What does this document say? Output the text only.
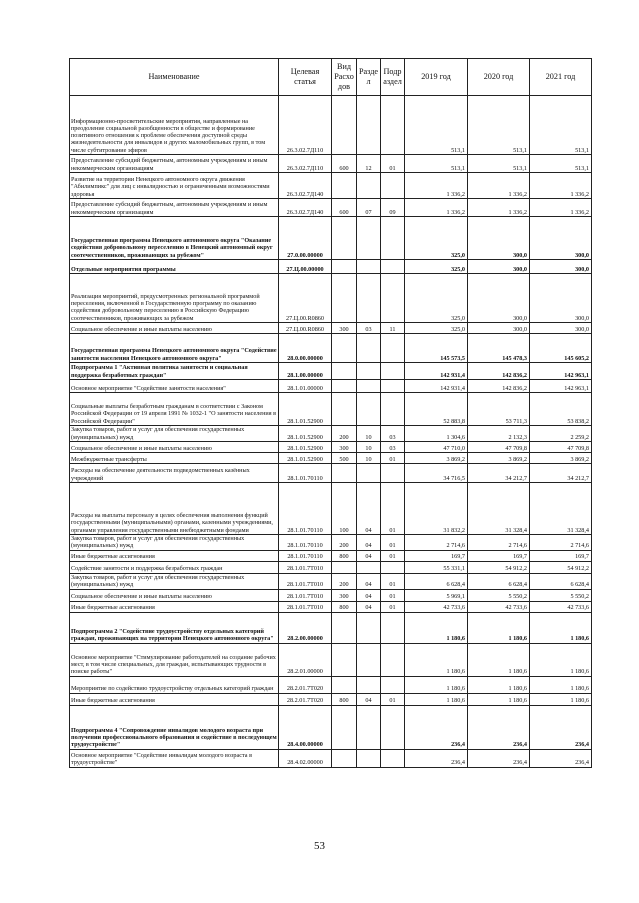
Наименование	Целевая статья	Вид Расхо дов	Разде л	Подр аздел	2019 год	2020 год	2021 год
Информационно-просветительские мероприятия, направленные на преодоление социальной разобщенности в обществе и формирование позитивного отношения к проблеме обеспечения доступной среды жизнедеятельности для инвалидов и других маломобильных групп, в том числе субтитрование эфиров	26.3.02.7Д110				513,1	513,1	513,1
Предоставление субсидий бюджетным, автономным учреждениям и иным некоммерческим организациям	26.3.02.7Д110	600	12	01	513,1	513,1	513,1
Развитие на территории Ненецкого автономного округа движения "Абилимпикс" для лиц с инвалидностью и ограниченными возможностями здоровья	26.3.02.7Д140				1 336,2	1 336,2	1 336,2
Предоставление субсидий бюджетным, автономным учреждениям и иным некоммерческим организациям	26.3.02.7Д140	600	07	09	1 336,2	1 336,2	1 336,2
Государственная программа Ненецкого автономного округа "Оказание содействия добровольному переселению в Ненецкий автономный округ соотечественников, проживающих за рубежом"	27.0.00.00000				325,0	300,0	300,0
Отдельные мероприятия программы	27.Ц.00.00000				325,0	300,0	300,0
Реализация мероприятий, предусмотренных региональной программой переселения, включенной в Государственную программу по оказанию содействия добровольному переселению в Российскую Федерацию соотечественников, проживающих за рубежом	27.Ц.00.R0860				325,0	300,0	300,0
Социальное обеспечение и иные выплаты населению	27.Ц.00.R0860	300	03	11	325,0	300,0	300,0
Государственная программа Ненецкого автономного округа "Содействие занятости населения Ненецкого автономного округа"	28.0.00.00000				145 573,5	145 478,3	145 605,2
Подпрограмма 1 "Активная политика занятости и социальная поддержка безработных граждан"	28.1.00.00000				142 931,4	142 836,2	142 963,1
Основное мероприятие "Содействие занятости населения"	28.1.01.00000				142 931,4	142 836,2	142 963,1
Социальные выплаты безработным гражданам в соответствии с Законом Российской Федерации от 19 апреля 1991 № 1032-1 "О занятости населения в Российской Федерации"	28.1.01.52900				52 883,8	53 711,3	53 838,2
Закупка товаров, работ и услуг для обеспечения государственных (муниципальных) нужд	28.1.01.52900	200	10	03	1 304,6	2 132,3	2 259,2
Социальное обеспечение и иные выплаты населению	28.1.01.52900	300	10	03	47 710,0	47 709,8	47 709,8
Межбюджетные трансферты	28.1.01.52900	500	10	01	3 869,2	3 869,2	3 869,2
Расходы на обеспечение деятельности подведомственных казённых учреждений	28.1.01.70110				34 716,5	34 212,7	34 212,7
Расходы на выплаты персоналу в целях обеспечения выполнения функций государственными (муниципальными) органами, казенными учреждениями, органами управления государственными внебюджетными фондами	28.1.01.70110	100	04	01	31 832,2	31 328,4	31 328,4
Закупка товаров, работ и услуг для обеспечения государственных (муниципальных) нужд	28.1.01.70110	200	04	01	2 714,6	2 714,6	2 714,6
Иные бюджетные ассигнования	28.1.01.70110	800	04	01	169,7	169,7	169,7
Содействие занятости и поддержка безработных граждан	28.1.01.7Т010				55 331,1	54 912,2	54 912,2
Закупка товаров, работ и услуг для обеспечения государственных (муниципальных) нужд	28.1.01.7Т010	200	04	01	6 628,4	6 628,4	6 628,4
Социальное обеспечение и иные выплаты населению	28.1.01.7Т010	300	04	01	5 969,1	5 550,2	5 550,2
Иные бюджетные ассигнования	28.1.01.7Т010	800	04	01	42 733,6	42 733,6	42 733,6
Подпрограмма 2 "Содействие трудоустройству отдельных категорий граждан, проживающих на территории Ненецкого автономного округа"	28.2.00.00000				1 180,6	1 180,6	1 180,6
Основное мероприятие "Стимулирование работодателей на создание рабочих мест, в том числе специальных, для граждан, испытывающих трудности в поиске работы"	28.2.01.00000				1 180,6	1 180,6	1 180,6
Мероприятие по содействию трудоустройству отдельных категорий граждан	28.2.01.7Т020				1 180,6	1 180,6	1 180,6
Иные бюджетные ассигнования	28.2.01.7Т020	800	04	01	1 180,6	1 180,6	1 180,6
Подпрограмма 4 "Сопровождение инвалидов молодого возраста при получении профессионального образования и содействие в последующем трудоустройстве"	28.4.00.00000				236,4	236,4	236,4
Основное мероприятие "Содействие инвалидам молодого возраста в трудоустройстве"	28.4.02.00000				236,4	236,4	236,4
53
